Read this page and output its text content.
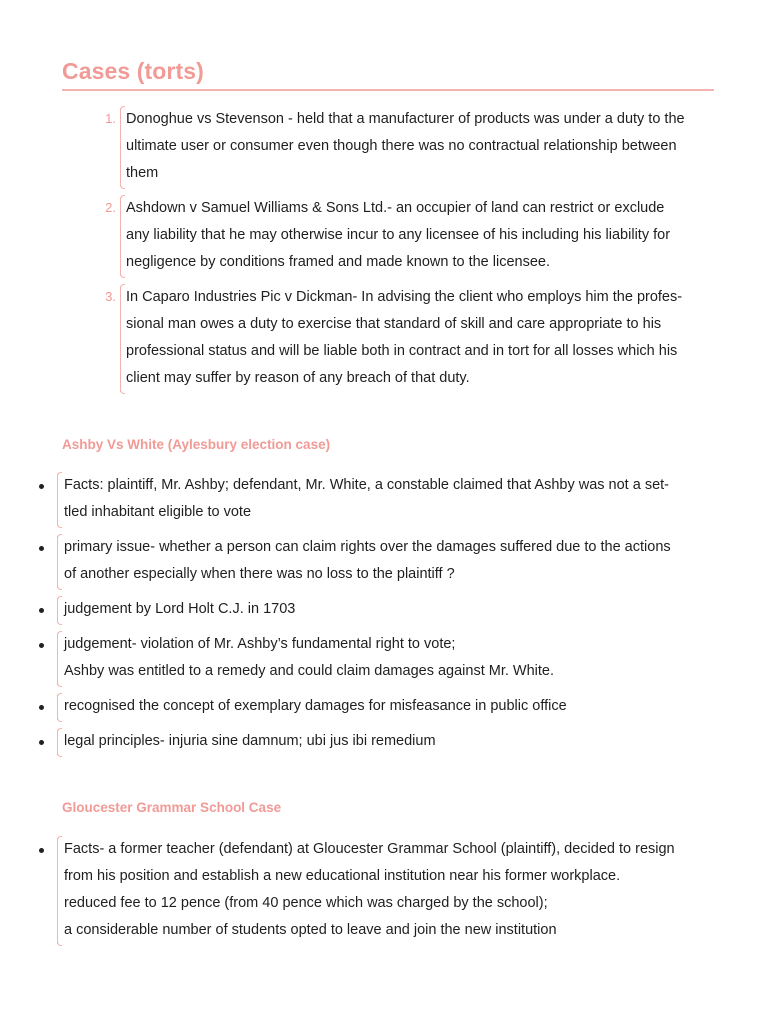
Cases (torts)
1. Donoghue vs Stevenson - held that a manufacturer of products was under a duty to the
ultimate user or consumer even though there was no contractual relationship between
them

2. Ashdown v Samuel Williams & Sons Ltd.- an occupier of land can restrict or exclude
any liability that he may otherwise incur to any licensee of his including his liability for
negligence by conditions framed and made known to the licensee.

3. In Caparo Industries Pic v Dickman- In advising the client who employs him the profes-
sional man owes a duty to exercise that standard of skill and care appropriate to his
professional status and will be liable both in contract and in tort for all losses which his
client may suffer by reason of any breach of that duty.

Ashby Vs White (Aylesbury election case)

Facts: plaintiff, Mr. Ashby; defendant, Mr. White, a constable claimed that Ashby was not a set-
tled inhabitant eligible to vote

primary issue- whether a person can claim rights over the damages suffered due to the actions
of another especially when there was no loss to the plaintiff ?

judgement by Lord Holt C.J. in 1703

judgement- violation of Mr. Ashby’s fundamental right to vote;
Ashby was entitled to a remedy and could claim damages against Mr. White.

recognised the concept of exemplary damages for misfeasance in public office

legal principles- injuria sine damnum; ubi jus ibi remedium

Gloucester Grammar School Case

Facts- a former teacher (defendant) at Gloucester Grammar School (plaintiff), decided to resign
from his position and establish a new educational institution near his former workplace.
reduced fee to 12 pence (from 40 pence which was charged by the school);
a considerable number of students opted to leave and join the new institution
